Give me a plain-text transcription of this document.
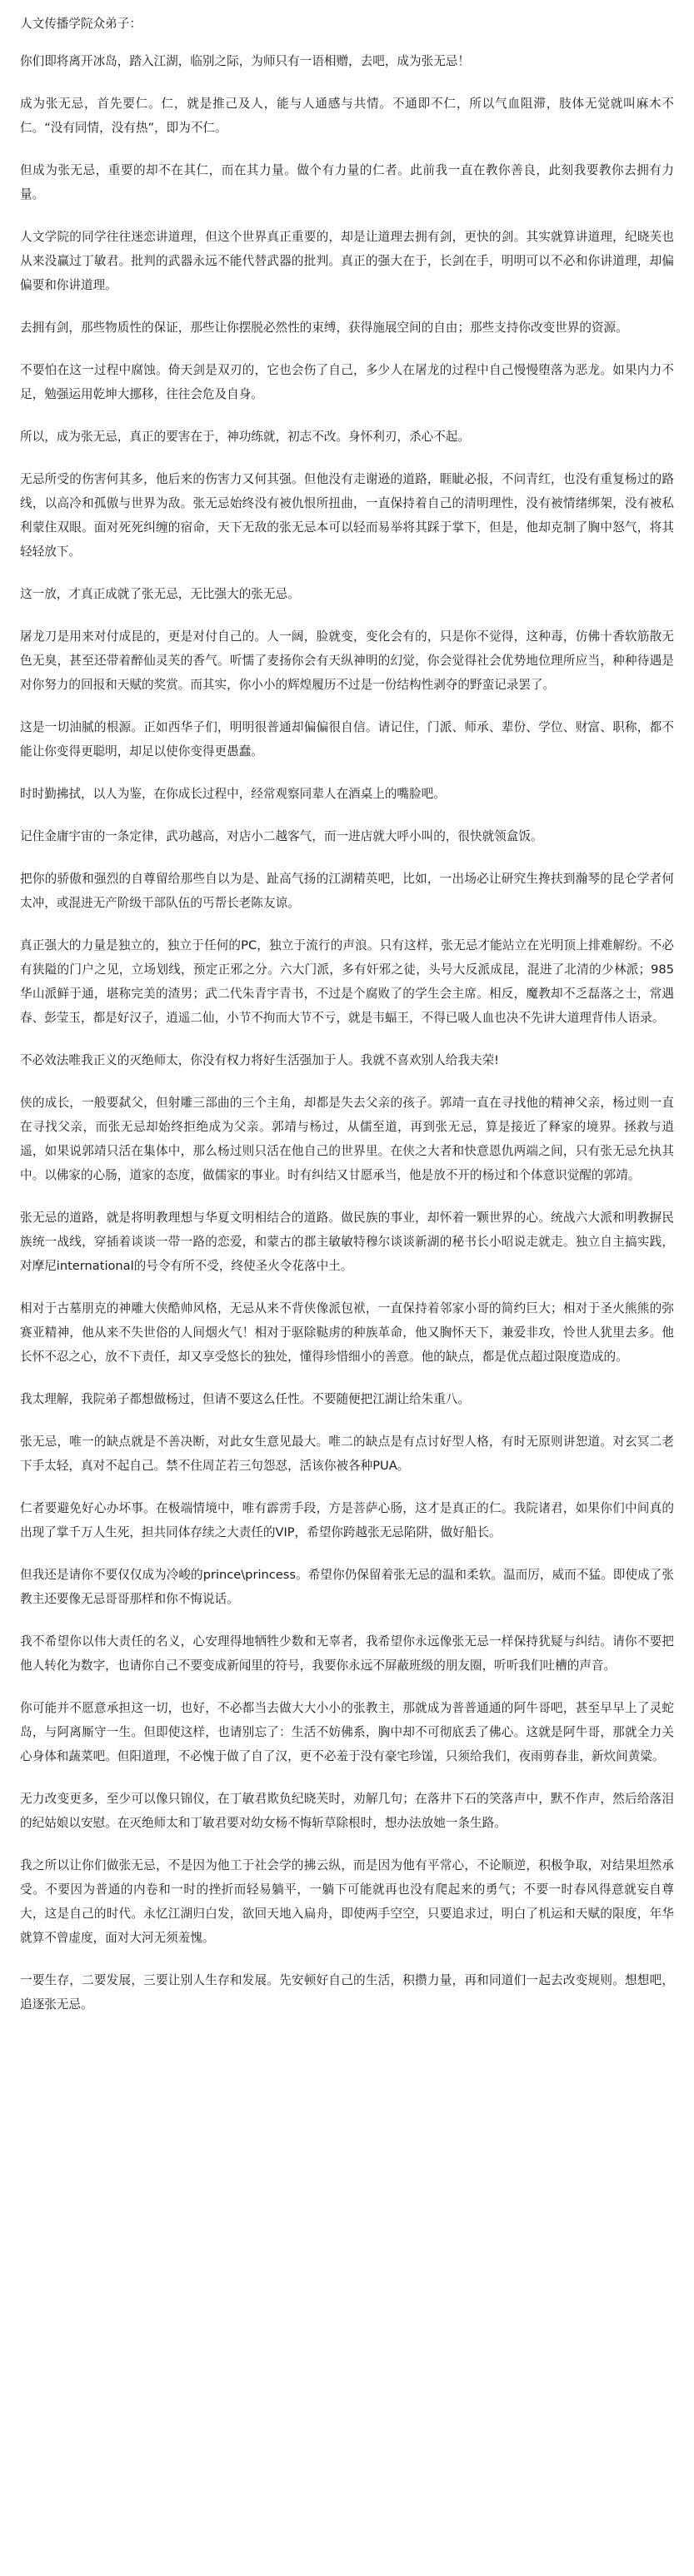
人文传播学院众弟子：

你们即将离开冰岛，踏入江湖，临别之际，为师只有一语相赠，去吧，成为张无忌！

成为张无忌，首先要仁。仁，就是推己及人，能与人通感与共情。不通即不仁，所以气血阻滞，肢体无觉就叫麻木不仁。“没有同情，没有热”，即为不仁。

但成为张无忌，重要的却不在其仁，而在其力量。做个有力量的仁者。此前我一直在教你善良，此刻我要教你去拥有力量。

人文学院的同学往往迷恋讲道理，但这个世界真正重要的，却是让道理去拥有剑，更快的剑。其实就算讲道理，纪晓芙也从来没赢过丁敏君。批判的武器永远不能代替武器的批判。真正的强大在于，长剑在手，明明可以不必和你讲道理，却偏偏要和你讲道理。

去拥有剑，那些物质性的保证，那些让你摆脱必然性的束缚，获得施展空间的自由；那些支持你改变世界的资源。

不要怕在这一过程中腐蚀。倚天剑是双刃的，它也会伤了自己，多少人在屠龙的过程中自己慢慢堕落为恶龙。如果内力不足，勉强运用乾坤大挪移，往往会危及自身。

所以，成为张无忌，真正的要害在于，神功练就，初志不改。身怀利刃，杀心不起。

无忌所受的伤害何其多，他后来的伤害力又何其强。但他没有走谢逊的道路，睚眦必报，不问青红，也没有重复杨过的路线，以高冷和孤傲与世界为敌。张无忌始终没有被仇恨所扭曲，一直保持着自己的清明理性，没有被情绪绑架，没有被私利蒙住双眼。面对死死纠缠的宿命，天下无敌的张无忌本可以轻而易举将其踩于掌下，但是，他却克制了胸中怒气，将其轻轻放下。

这一放，才真正成就了张无忌，无比强大的张无忌。

屠龙刀是用来对付成昆的，更是对付自己的。人一阔，脸就变，变化会有的，只是你不觉得，这种毒，仿佛十香软筋散无色无臭，甚至还带着醉仙灵芙的香气。听懦了麦扬你会有天纵神明的幻觉，你会觉得社会优势地位理所应当，种种待遇是对你努力的回报和天赋的奖赏。而其实，你小小的辉煌履历不过是一份结构性剥夺的野蛮记录罢了。

这是一切油腻的根源。正如西华子们，明明很普通却偏偏很自信。请记住，门派、师承、辈份、学位、财富、职称，都不能让你变得更聪明，却足以使你变得更愚蠢。

时时勤拂拭，以人为鉴，在你成长过程中，经常观察同辈人在酒桌上的嘴脸吧。

记住金庸宇宙的一条定律，武功越高，对店小二越客气，而一进店就大呼小叫的，很快就领盒饭。

把你的骄傲和强烈的自尊留给那些自以为是、趾高气扬的江湖精英吧，比如，一出场必让研究生搀扶到瀚琴的昆仑学者何太冲，或混进无产阶级干部队伍的丐帮长老陈友谅。

真正强大的力量是独立的，独立于任何的PC，独立于流行的声浪。只有这样，张无忌才能站立在光明顶上排难解纷。不必有狭隘的门户之见，立场划线，预定正邪之分。六大门派，多有奸邪之徒，头号大反派成昆，混进了北清的少林派；985华山派鲜于通，堪称完美的渣男；武二代朱青宇青书，不过是个腐败了的学生会主席。相反，魔教却不乏磊落之士，常遇春、彭莹玉，都是好汉子，逍遥二仙，小节不拘而大节不亏，就是韦蝠王，不得已吸人血也决不先讲大道理背伟人语录。

不必效法唯我正义的灭绝师太，你没有权力将好生活强加于人。我就不喜欢别人给我夫荣!

侠的成长，一般要弑父，但射雕三部曲的三个主角，却都是失去父亲的孩子。郭靖一直在寻找他的精神父亲，杨过则一直在寻找父亲，而张无忌却始终拒绝成为父亲。郭靖与杨过，从儒至道，再到张无忌，算是接近了释家的境界。拯救与逍遥，如果说郭靖只活在集体中，那么杨过则只活在他自己的世界里。在侠之大者和快意恩仇两端之间，只有张无忌允执其中。以佛家的心肠，道家的态度，做儒家的事业。时有纠结又甘愿承当，他是放不开的杨过和个体意识觉醒的郭靖。

张无忌的道路，就是将明教理想与华夏文明相结合的道路。做民族的事业，却怀着一颗世界的心。统战六大派和明教摒民族统一战线，穿插着谈谈一带一路的恋爱，和蒙古的郡主敏敏特穆尔谈谈新湖的秘书长小昭说走就走。独立自主搞实践，对摩尼international的号令有所不受，终使圣火令花落中土。

相对于古墓朋克的神雕大侠酷帅风格，无忌从来不背侠像派包袱，一直保持着邻家小哥的简约巨大；相对于圣火熊熊的弥赛亚精神，他从来不失世俗的人间烟火气！相对于驱除鞑虏的种族革命，他又胸怀天下，兼爱非攻，怜世人犹里去多。他长怀不忍之心，放不下责任，却又享受悠长的独处，懂得珍惜细小的善意。他的缺点，都是优点超过限度造成的。

我太理解，我院弟子都想做杨过，但请不要这么任性。不要随便把江湖让给朱重八。

张无忌，唯一的缺点就是不善决断，对此女生意见最大。唯二的缺点是有点讨好型人格，有时无原则讲恕道。对玄冥二老下手太轻，真对不起自己。禁不住周芷若三句怨怼，活该你被各种PUA。

仁者要避免好心办坏事。在极端情境中，唯有霹雳手段，方是菩萨心肠，这才是真正的仁。我院诸君，如果你们中间真的出现了掌千万人生死，担共同体存续之大责任的VIP，希望你跨越张无忌陷阱，做好船长。

但我还是请你不要仅仅成为冷峻的prince\princess。希望你仍保留着张无忌的温和柔软。温而厉，威而不猛。即使成了张教主还要像无忌哥哥那样和你不悔说话。

我不希望你以伟大责任的名义，心安理得地牺牲少数和无辜者，我希望你永远像张无忌一样保持犹疑与纠结。请你不要把他人转化为数字，也请你自己不要变成新闻里的符号，我要你永远不屏蔽班级的朋友圈，听听我们吐槽的声音。

你可能并不愿意承担这一切，也好，不必都当去做大大小小的张教主，那就成为普普通通的阿牛哥吧，甚至早早上了灵蛇岛，与阿离厮守一生。但即使这样，也请别忘了：生活不妨佛系，胸中却不可彻底丢了佛心。这就是阿牛哥，那就全力关心身体和蔬菜吧。但阳道理，不必愧于做了自了汉，更不必羞于没有豪宅珍馐，只须给我们，夜雨剪春韭，新炊间黄粱。

无力改变更多，至少可以像只锦仪，在丁敏君欺负纪晓芙时，劝解几句；在落井下石的笑落声中，默不作声，然后给落泪的纪姑娘以安慰。在灭绝师太和丁敏君要对幼女杨不悔斩草除根时，想办法放她一条生路。

我之所以让你们做张无忌，不是因为他工于社会学的拂云纵，而是因为他有平常心，不论顺逆，积极争取，对结果坦然承受。不要因为普通的内卷和一时的挫折而轻易躺平，一躺下可能就再也没有爬起来的勇气；不要一时春风得意就妄自尊大，这是自己的时代。永忆江湖归白发，欲回天地入扁舟，即使两手空空，只要追求过，明白了机运和天赋的限度，年华就算不曾虚度，面对大河无须羞愧。

一要生存，二要发展，三要让别人生存和发展。先安顿好自己的生活，积攒力量，再和同道们一起去改变规则。想想吧，追逐张无忌。
